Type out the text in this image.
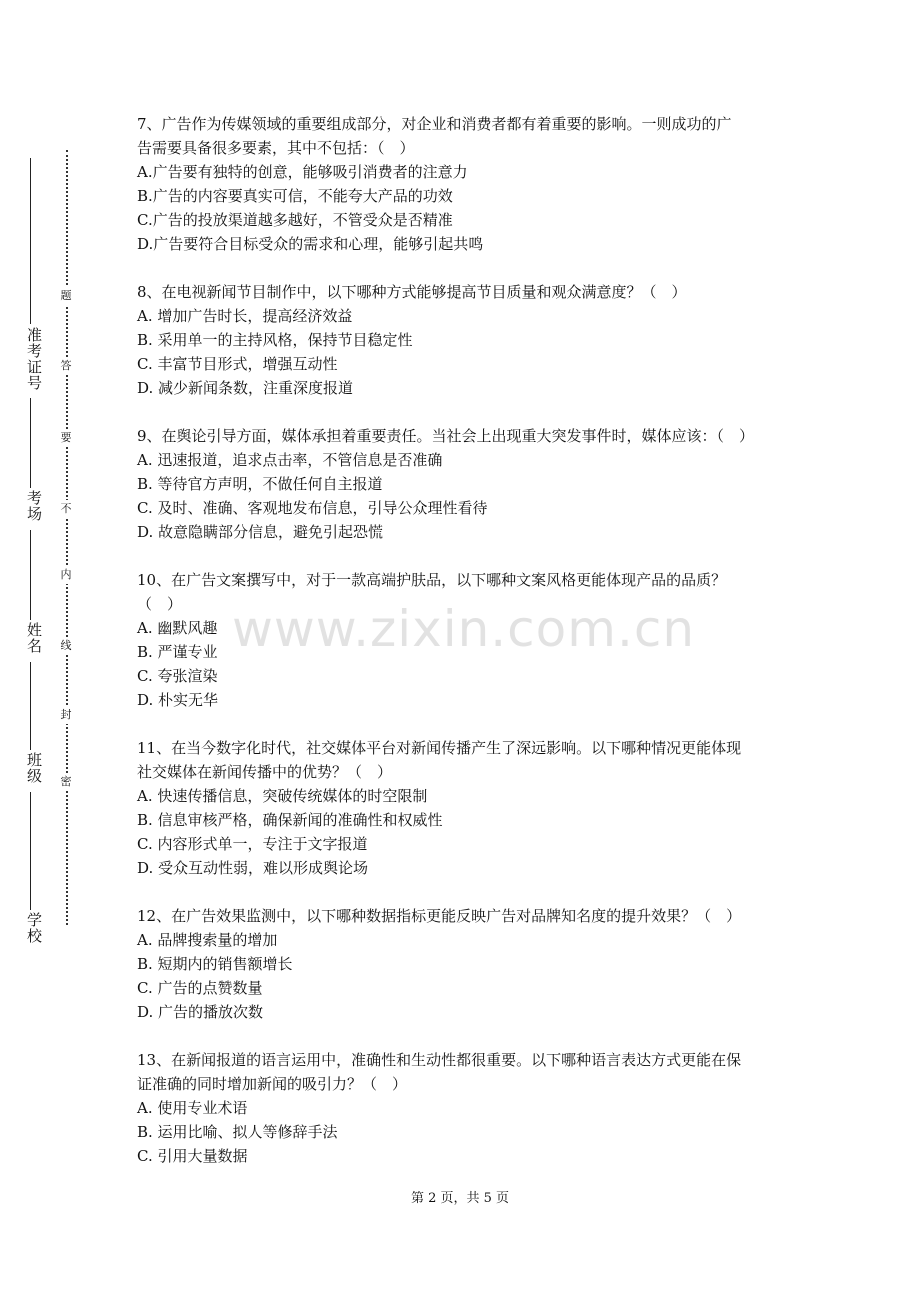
准考证号
考场
姓名
班级
学校
题
答
要
不
内
线
封
密
7、广告作为传媒领域的重要组成部分，对企业和消费者都有着重要的影响。一则成功的广
告需要具备很多要素，其中不包括：（　）
A.广告要有独特的创意，能够吸引消费者的注意力
B.广告的内容要真实可信，不能夸大产品的功效
C.广告的投放渠道越多越好，不管受众是否精准
D.广告要符合目标受众的需求和心理，能够引起共鸣
8、在电视新闻节目制作中，以下哪种方式能够提高节目质量和观众满意度？（　）
A. 增加广告时长，提高经济效益
B. 采用单一的主持风格，保持节目稳定性
C. 丰富节目形式，增强互动性
D. 减少新闻条数，注重深度报道
9、在舆论引导方面，媒体承担着重要责任。当社会上出现重大突发事件时，媒体应该：（　）
A. 迅速报道，追求点击率，不管信息是否准确
B. 等待官方声明，不做任何自主报道
C. 及时、准确、客观地发布信息，引导公众理性看待
D. 故意隐瞒部分信息，避免引起恐慌
10、在广告文案撰写中，对于一款高端护肤品，以下哪种文案风格更能体现产品的品质？
（　）
A. 幽默风趣
B. 严谨专业
C. 夸张渲染
D. 朴实无华
11、在当今数字化时代，社交媒体平台对新闻传播产生了深远影响。以下哪种情况更能体现
社交媒体在新闻传播中的优势？（　）
A. 快速传播信息，突破传统媒体的时空限制
B. 信息审核严格，确保新闻的准确性和权威性
C. 内容形式单一，专注于文字报道
D. 受众互动性弱，难以形成舆论场
12、在广告效果监测中，以下哪种数据指标更能反映广告对品牌知名度的提升效果？（　）
A. 品牌搜索量的增加
B. 短期内的销售额增长
C. 广告的点赞数量
D. 广告的播放次数
13、在新闻报道的语言运用中，准确性和生动性都很重要。以下哪种语言表达方式更能在保
证准确的同时增加新闻的吸引力？（　）
A. 使用专业术语
B. 运用比喻、拟人等修辞手法
C. 引用大量数据
www.zixin.com.cn
第 2 页，共 5 页
